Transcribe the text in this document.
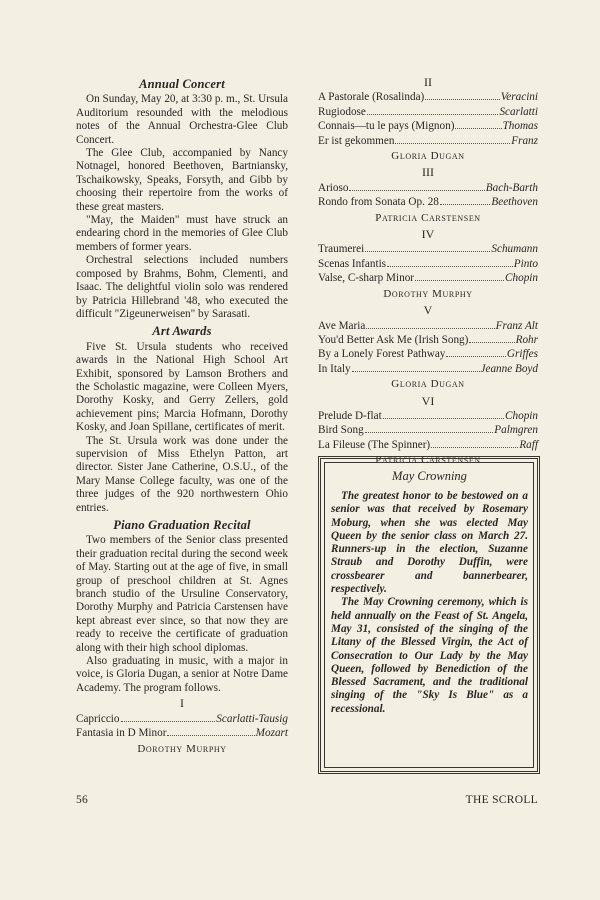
Annual Concert

On Sunday, May 20, at 3:30 p. m., St. Ursula Auditorium resounded with the melodious notes of the Annual Orchestra-Glee Club Concert.

The Glee Club, accompanied by Nancy Notnagel, honored Beethoven, Bartniansky, Tschaikowsky, Speaks, Forsyth, and Gibb by choosing their repertoire from the works of these great masters.

"May, the Maiden" must have struck an endearing chord in the memories of Glee Club members of former years.

Orchestral selections included numbers composed by Brahms, Bohm, Clementi, and Isaac. The delightful violin solo was rendered by Patricia Hillebrand '48, who executed the difficult "Zigeunerweisen" by Sarasati.

Art Awards

Five St. Ursula students who received awards in the National High School Art Exhibit, sponsored by Lamson Brothers and the Scholastic magazine, were Colleen Myers, Dorothy Kosky, and Gerry Zellers, gold achievement pins; Marcia Hofmann, Dorothy Kosky, and Joan Spillane, certificates of merit.

The St. Ursula work was done under the supervision of Miss Ethelyn Patton, art director. Sister Jane Catherine, O.S.U., of the Mary Manse College faculty, was one of the three judges of the 920 northwestern Ohio entries.

Piano Graduation Recital

Two members of the Senior class presented their graduation recital during the second week of May. Starting out at the age of five, in small group of preschool children at St. Agnes branch studio of the Ursuline Conservatory, Dorothy Murphy and Patricia Carstensen have kept abreast ever since, so that now they are ready to receive the certificate of graduation along with their high school diplomas.

Also graduating in music, with a major in voice, is Gloria Dugan, a senior at Notre Dame Academy. The program follows.

I
Capriccio	Scarlatti-Tausig
Fantasia in D Minor	Mozart
Dorothy Murphy
II
A Pastorale (Rosalinda)	Veracini
Rugiodose	Scarlatti
Connais—tu le pays (Mignon)	Thomas
Er ist gekommen	Franz
Gloria Dugan
III
Arioso	Bach-Barth
Rondo from Sonata Op. 28	Beethoven
Patricia Carstensen
IV
Traumerei	Schumann
Scenas Infantis	Pinto
Valse, C-sharp Minor	Chopin
Dorothy Murphy
V
Ave Maria	Franz Alt
You'd Better Ask Me (Irish Song)	Rohr
By a Lonely Forest Pathway	Griffes
In Italy	Jeanne Boyd
Gloria Dugan
VI
Prelude D-flat	Chopin
Bird Song	Palmgren
La Fileuse (The Spinner)	Raff
Patricia Carstensen
May Crowning

The greatest honor to be bestowed on a senior was that received by Rosemary Moburg, when she was elected May Queen by the senior class on March 27. Runners-up in the election, Suzanne Straub and Dorothy Duffin, were crossbearer and bannerbearer, respectively.

The May Crowning ceremony, which is held annually on the Feast of St. Angela, May 31, consisted of the singing of the Litany of the Blessed Virgin, the Act of Consecration to Our Lady by the May Queen, followed by Benediction of the Blessed Sacrament, and the traditional singing of the "Sky Is Blue" as a recessional.

56	THE SCROLL
